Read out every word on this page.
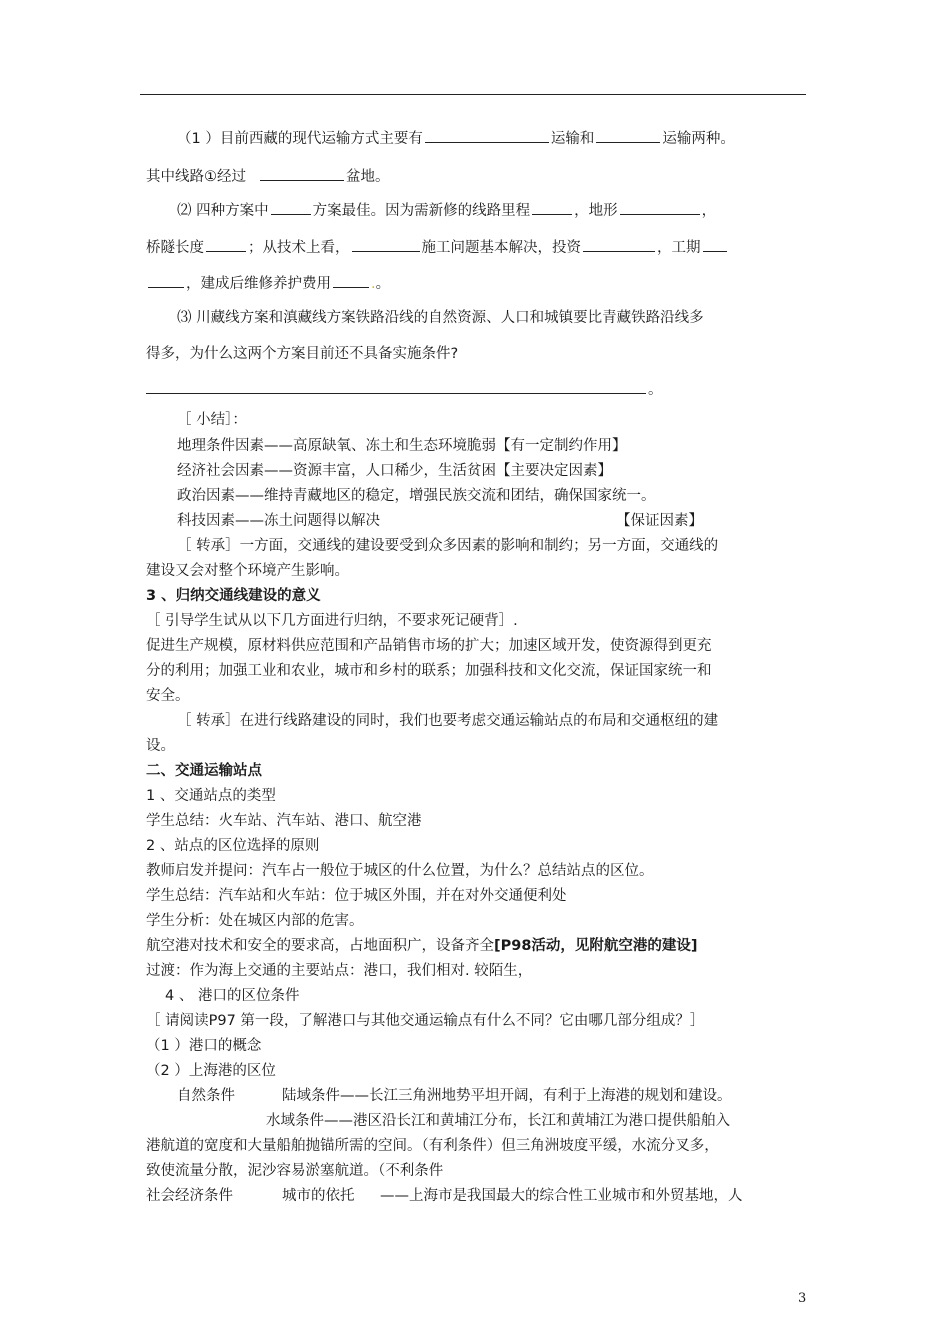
（1 ）目前西藏的现代运输方式主要有	运输和	运输两种。
其中线路①经过	盆地。
⑵ 四种方案中	方案最佳。因为需新修的线路里程	，地形	，
桥隧长度	；从技术上看，	施工问题基本解决，投资	，工期
，建成后维修养护费用	.。
⑶ 川藏线方案和滇藏线方案铁路沿线的自然资源、人口和城镇要比青藏铁路沿线多
得多，为什么这两个方案目前还不具备实施条件?
。
［ 小结］：
地理条件因素——高原缺氧、冻土和生态环境脆弱【有一定制约作用】
经济社会因素——资源丰富，人口稀少，生活贫困【主要决定因素】
政治因素——维持青藏地区的稳定，增强民族交流和团结，确保国家统一。
科技因素——冻土问题得以解决	【保证因素】
［ 转承］一方面，交通线的建设要受到众多因素的影响和制约；另一方面，交通线的
建设又会对整个环境产生影响。
3 、归纳交通线建设的意义
［ 引导学生试从以下几方面进行归纳，不要求死记硬背］.
促进生产规模，原材料供应范围和产品销售市场的扩大；加速区域开发，使资源得到更充
分的利用；加强工业和农业，城市和乡村的联系；加强科技和文化交流，保证国家统一和
安全。
［ 转承］在进行线路建设的同时，我们也要考虑交通运输站点的布局和交通枢纽的建
设。
二、交通运输站点
1 、交通站点的类型
学生总结：火车站、汽车站、港口、航空港
2 、站点的区位选择的原则
教师启发并提问：汽车占一般位于城区的什么位置，为什么？总结站点的区位。
学生总结：汽车站和火车站：位于城区外围，并在对外交通便利处
学生分析：处在城区内部的危害。
航空港对技术和安全的要求高，占地面积广，设备齐全[P98活动，见附航空港的建设]
过渡：作为海上交通的主要站点：港口，我们相对. 较陌生，
4 、 港口的区位条件
［ 请阅读P97 第一段，了解港口与其他交通运输点有什么不同？它由哪几部分组成？］
（1 ）港口的概念
（2 ）上海港的区位
自然条件	陆域条件——长江三角洲地势平坦开阔，有利于上海港的规划和建设。
水域条件——港区沿长江和黄埔江分布，长江和黄埔江为港口提供船舶入
港航道的宽度和大量船舶抛锚所需的空间。（有利条件）但三角洲坡度平缓，水流分叉多，
致使流量分散，泥沙容易淤塞航道。（不利条件
社会经济条件	城市的依托 ——上海市是我国最大的综合性工业城市和外贸基地，人
3
